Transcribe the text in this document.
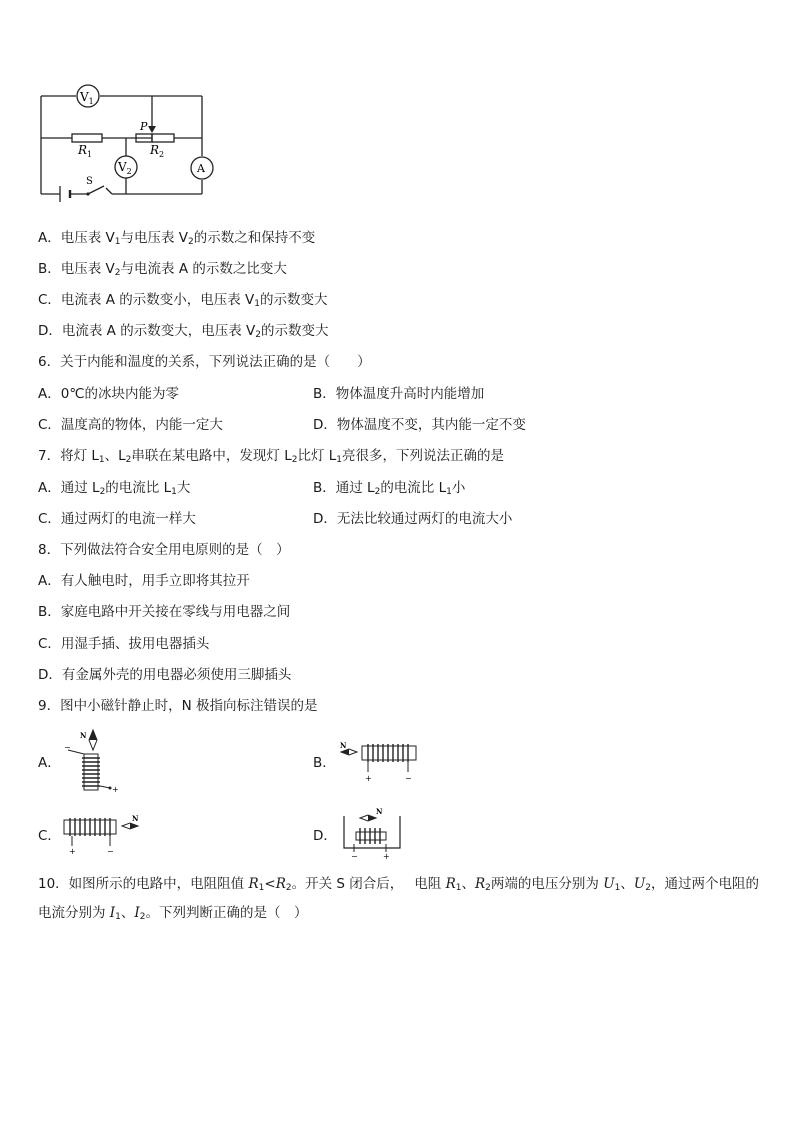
$V_1$
$V_2$	A
P
$R_1$	$R_2$
S
A．电压表 $V_1$与电压表 $V_2$的示数之和保持不变
B．电压表 $V_2$与电流表 A 的示数之比变大
C．电流表 A 的示数变小，电压表 $V_1$的示数变大
D．电流表 A 的示数变大，电压表 $V_2$的示数变大
6．关于内能和温度的关系，下列说法正确的是（　　）
A．0℃的冰块内能为零	B．物体温度升高时内能增加
C．温度高的物体，内能一定大	D．物体温度不变，其内能一定不变
7．将灯 $L_1$、$L_2$串联在某电路中，发现灯 $L_2$比灯 $L_1$亮很多，下列说法正确的是
A．通过 $L_2$的电流比 $L_1$大	B．通过 $L_2$的电流比 $L_1$小
C．通过两灯的电流一样大	D．无法比较通过两灯的电流大小
8．下列做法符合安全用电原则的是（　）
A．有人触电时，用手立即将其拉开
B．家庭电路中开关接在零线与用电器之间
C．用湿手插、拔用电器插头
D．有金属外壳的用电器必须使用三脚插头
9．图中小磁针静止时，N 极指向标注错误的是
A．
N
−
+
B．
N
+	−
C．
N
+	−
D．
N
−	+
10．如图所示的电路中，电阻阻值 $R_1<R_2$。开关 S 闭合后，　 电阻 $R_1$、$R_2$两端的电压分别为 $U_1$、$U_2$，通过两个电阻的
电流分别为 $I_1$、$I_2$。下列判断正确的是（　）
